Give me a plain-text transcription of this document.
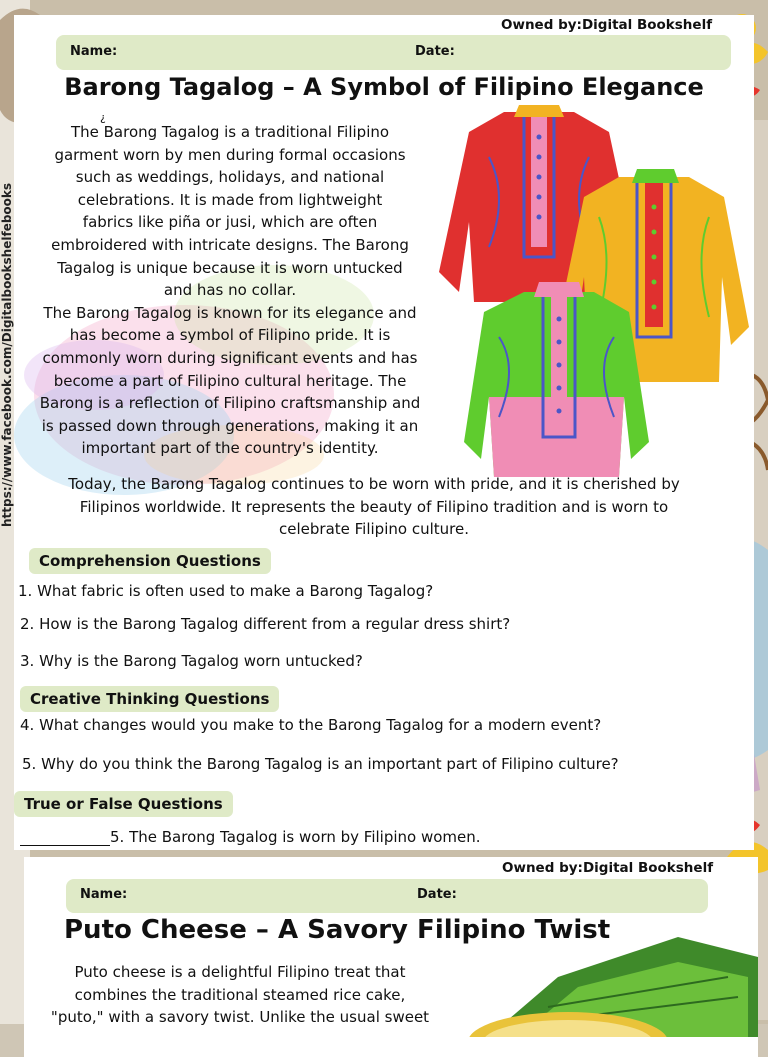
https://www.facebook.com/Digitalbookshelfebooks
Owned by:Digital Bookshelf
Name:	Date:
Barong Tagalog – A Symbol of Filipino Elegance
¿
The Barong Tagalog is a traditional Filipino
garment worn by men during formal occasions
such as weddings, holidays, and national
celebrations. It is made from lightweight
fabrics like piña or jusi, which are often
embroidered with intricate designs. The Barong
Tagalog is unique because it is worn untucked
and has no collar.
The Barong Tagalog is known for its elegance and
has become a symbol of Filipino pride. It is
commonly worn during significant events and has
become a part of Filipino cultural heritage. The
Barong is a reflection of Filipino craftsmanship and
is passed down through generations, making it an
important part of the country's identity.
Today, the Barong Tagalog continues to be worn with pride, and it is cherished by
Filipinos worldwide. It represents the beauty of Filipino tradition and is worn to
celebrate Filipino culture.
Comprehension Questions
1. What fabric is often used to make a Barong Tagalog?
2. How is the Barong Tagalog different from a regular dress shirt?
3. Why is the Barong Tagalog worn untucked?
Creative Thinking Questions
4. What changes would you make to the Barong Tagalog for a modern event?
5. Why do you think the Barong Tagalog is an important part of Filipino culture?
True or False Questions
5. The Barong Tagalog is worn by Filipino women.
Owned by:Digital Bookshelf
Name:	Date:
Puto Cheese – A Savory Filipino Twist
Puto cheese is a delightful Filipino treat that
combines the traditional steamed rice cake,
"puto," with a savory twist. Unlike the usual sweet
